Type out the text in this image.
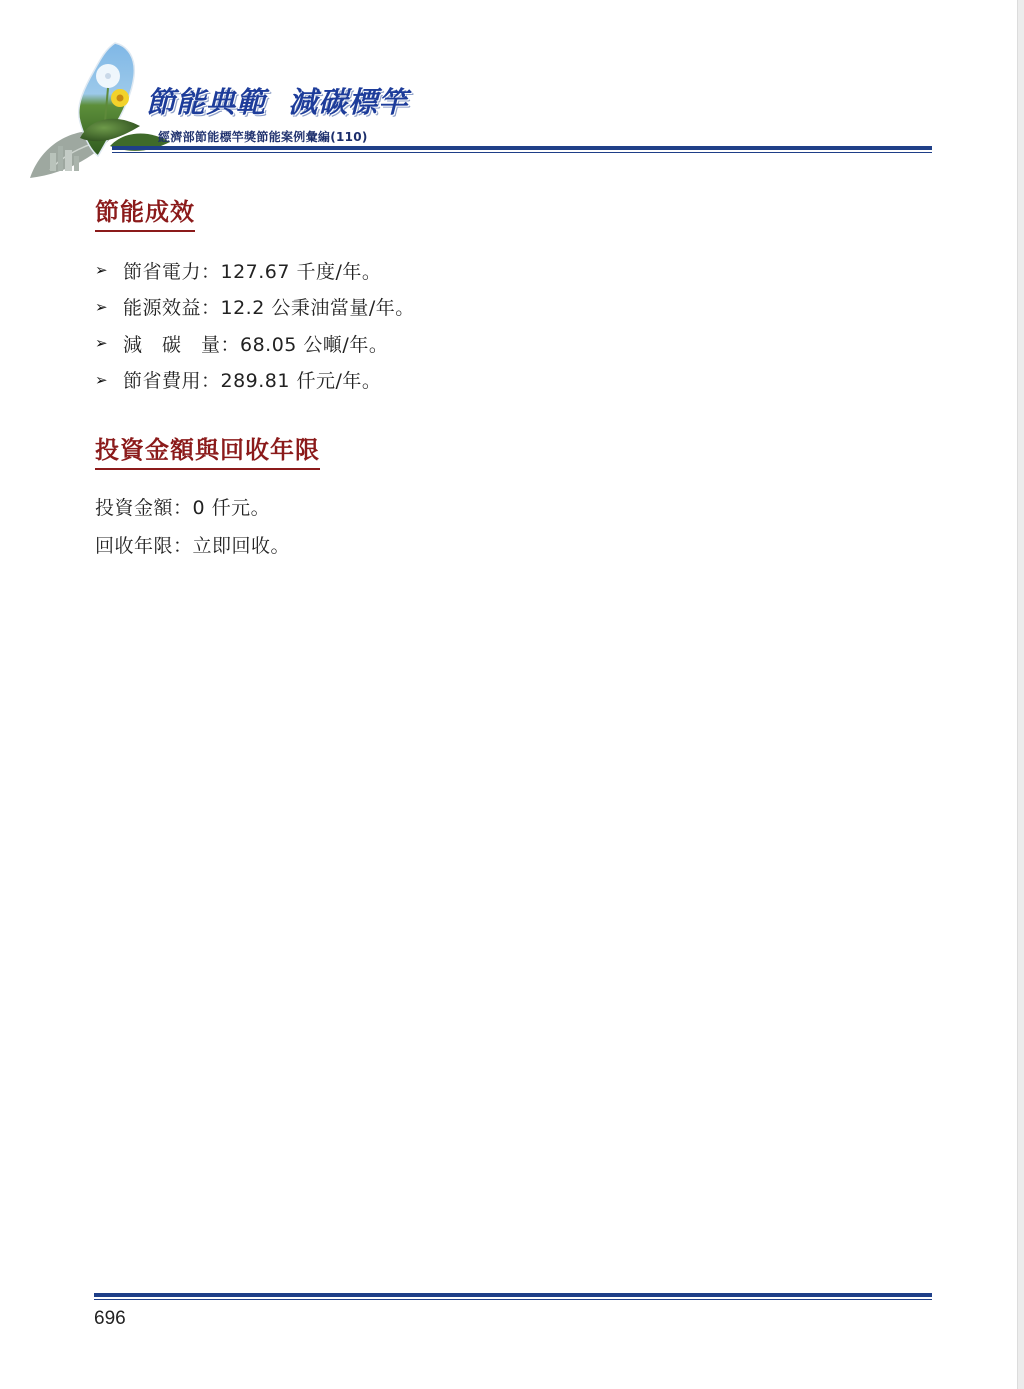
節能典範  減碳標竿
經濟部節能標竿獎節能案例彙編(110)
節能成效
➢ 節省電力：127.67 千度/年。
➢ 能源效益：12.2 公秉油當量/年。
➢ 減　碳　量：68.05 公噸/年。
➢ 節省費用：289.81 仟元/年。
投資金額與回收年限
投資金額：0 仟元。
回收年限：立即回收。
696
